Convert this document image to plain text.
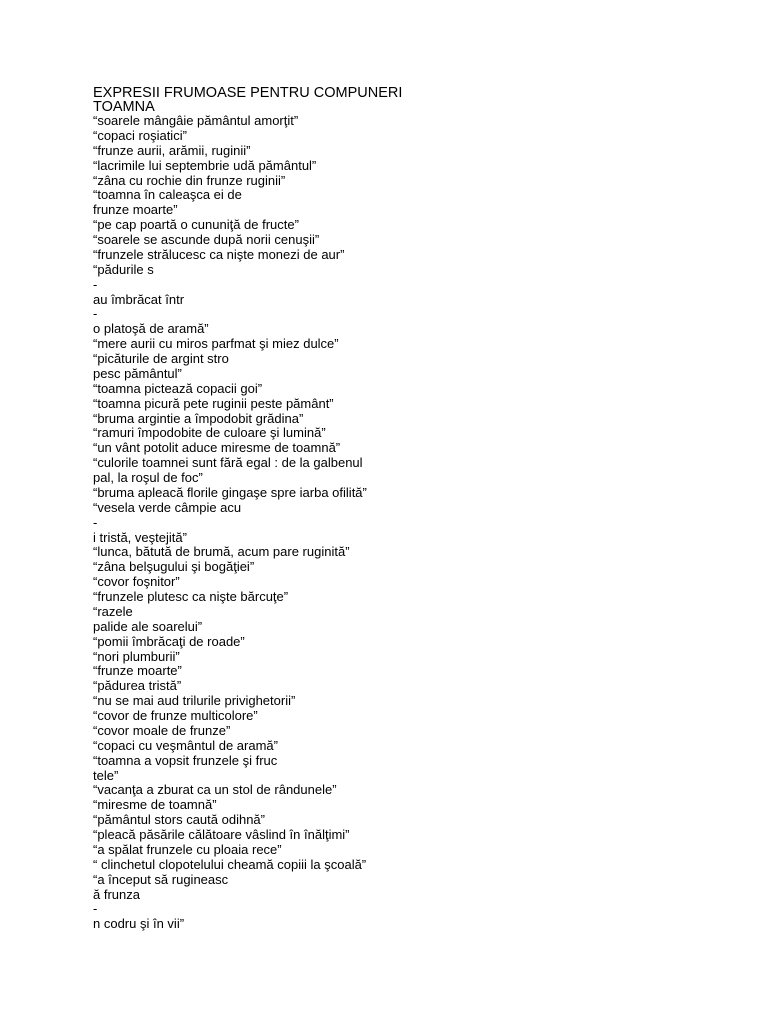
EXPRESII FRUMOASE PENTRU COMPUNERI
TOAMNA
“soarele mângâie pământul amorţit”
“copaci roşiatici”
“frunze aurii, arămii, ruginii”
“lacrimile lui septembrie udă pământul”
“zâna cu rochie din frunze ruginii”
“toamna în caleaşca ei de
frunze moarte”
“pe cap poartă o cununiţă de fructe”
“soarele se ascunde după norii cenuşii”
“frunzele strălucesc ca nişte monezi de aur”
“pădurile s
-
au îmbrăcat într
-
o platoşă de aramă”
“mere aurii cu miros parfmat şi miez dulce”
“picăturile de argint stro
pesc pământul”
“toamna pictează copacii goi”
“toamna picură pete ruginii peste pământ”
“bruma argintie a împodobit grădina”
“ramuri împodobite de culoare şi lumină”
“un vânt potolit aduce miresme de toamnă”
“culorile toamnei sunt fără egal : de la galbenul
pal, la roşul de foc”
“bruma apleacă florile gingaşe spre iarba ofilită”
“vesela verde câmpie acu
-
i tristă, veştejită”
“lunca, bătută de brumă, acum pare ruginită”
“zâna belşugului şi bogăţiei”
“covor foşnitor”
“frunzele plutesc ca nişte bărcuţe”
“razele
palide ale soarelui”
“pomii îmbrăcaţi de roade”
“nori plumburii”
“frunze moarte”
“pădurea tristă”
“nu se mai aud trilurile privighetorii”
“covor de frunze multicolore”
“covor moale de frunze”
“copaci cu veşmântul de aramă”
“toamna a vopsit frunzele şi fruc
tele”
“vacanţa a zburat ca un stol de rândunele”
“miresme de toamnă”
“pământul stors caută odihnă”
“pleacă păsările călătoare vâslind în înălţimi”
“a spălat frunzele cu ploaia rece”
“ clinchetul clopotelului cheamă copiii la şcoală”
“a început să rugineasc
ă frunza
-
n codru şi în vii”
